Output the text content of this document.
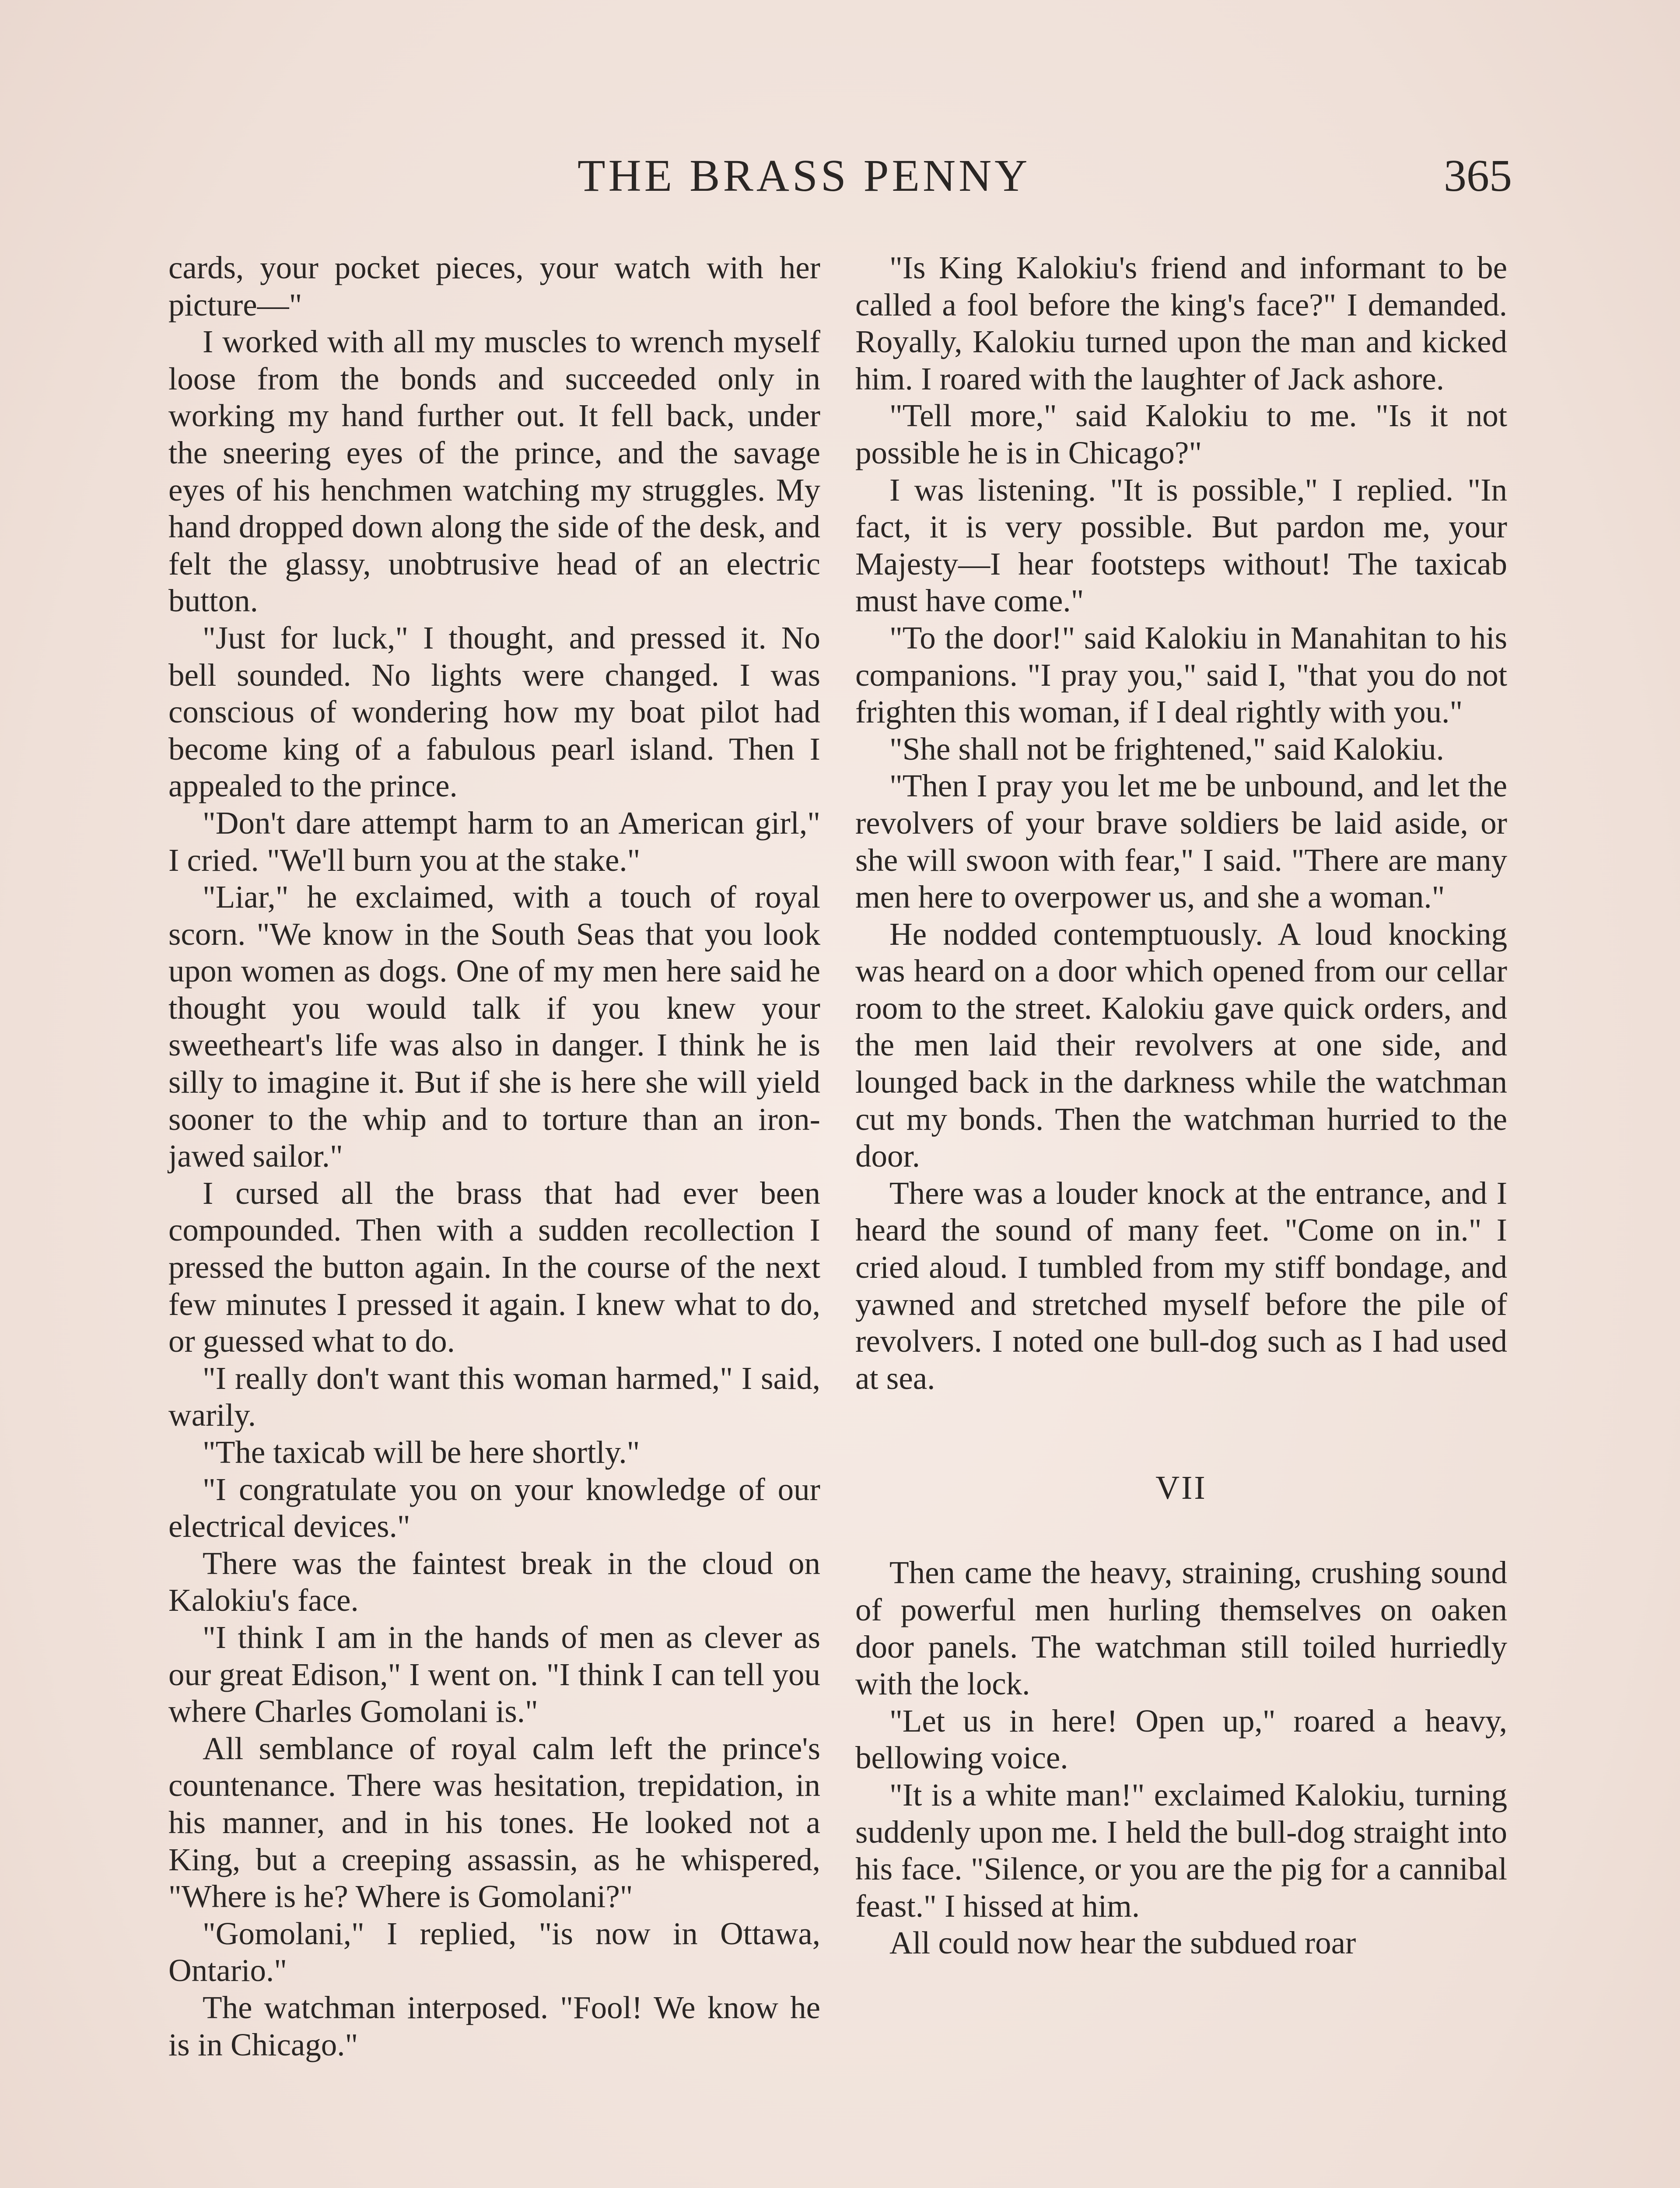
THE BRASS PENNY	365

cards, your pocket pieces, your watch with her picture—"

I worked with all my muscles to wrench myself loose from the bonds and succeeded only in working my hand further out. It fell back, under the sneering eyes of the prince, and the savage eyes of his henchmen watching my struggles. My hand dropped down along the side of the desk, and felt the glassy, unobtrusive head of an electric button.

"Just for luck," I thought, and pressed it. No bell sounded. No lights were changed. I was conscious of wondering how my boat pilot had become king of a fabulous pearl island. Then I appealed to the prince.

"Don't dare attempt harm to an American girl," I cried. "We'll burn you at the stake."

"Liar," he exclaimed, with a touch of royal scorn. "We know in the South Seas that you look upon women as dogs. One of my men here said he thought you would talk if you knew your sweetheart's life was also in danger. I think he is silly to imagine it. But if she is here she will yield sooner to the whip and to torture than an iron-jawed sailor."

I cursed all the brass that had ever been compounded. Then with a sudden recollection I pressed the button again. In the course of the next few minutes I pressed it again. I knew what to do, or guessed what to do.

"I really don't want this woman harmed," I said, warily.

"The taxicab will be here shortly."

"I congratulate you on your knowledge of our electrical devices."

There was the faintest break in the cloud on Kalokiu's face.

"I think I am in the hands of men as clever as our great Edison," I went on. "I think I can tell you where Charles Gomolani is."

All semblance of royal calm left the prince's countenance. There was hesitation, trepidation, in his manner, and in his tones. He looked not a King, but a creeping assassin, as he whispered, "Where is he? Where is Gomolani?"

"Gomolani," I replied, "is now in Ottawa, Ontario."

The watchman interposed. "Fool! We know he is in Chicago."

"Is King Kalokiu's friend and informant to be called a fool before the king's face?" I demanded. Royally, Kalokiu turned upon the man and kicked him. I roared with the laughter of Jack ashore.

"Tell more," said Kalokiu to me. "Is it not possible he is in Chicago?"

I was listening. "It is possible," I replied. "In fact, it is very possible. But pardon me, your Majesty—I hear footsteps without! The taxicab must have come."

"To the door!" said Kalokiu in Manahitan to his companions. "I pray you," said I, "that you do not frighten this woman, if I deal rightly with you."

"She shall not be frightened," said Kalokiu.

"Then I pray you let me be unbound, and let the revolvers of your brave soldiers be laid aside, or she will swoon with fear," I said. "There are many men here to overpower us, and she a woman."

He nodded contemptuously. A loud knocking was heard on a door which opened from our cellar room to the street. Kalokiu gave quick orders, and the men laid their revolvers at one side, and lounged back in the darkness while the watchman cut my bonds. Then the watchman hurried to the door.

There was a louder knock at the entrance, and I heard the sound of many feet. "Come on in." I cried aloud. I tumbled from my stiff bondage, and yawned and stretched myself before the pile of revolvers. I noted one bull-dog such as I had used at sea.

VII

Then came the heavy, straining, crushing sound of powerful men hurling themselves on oaken door panels. The watchman still toiled hurriedly with the lock.

"Let us in here! Open up," roared a heavy, bellowing voice.

"It is a white man!" exclaimed Kalokiu, turning suddenly upon me. I held the bull-dog straight into his face. "Silence, or you are the pig for a cannibal feast." I hissed at him.

All could now hear the subdued roar
